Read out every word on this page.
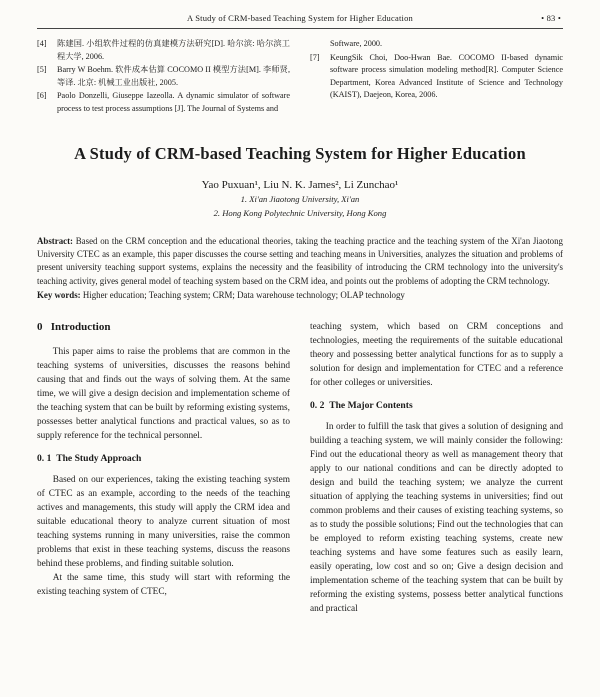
A Study of CRM-based Teaching System for Higher Education	• 83 •
[4]	陈建国. 小组软件过程的仿真建模方法研究[D]. 哈尔滨: 哈尔滨工程大学, 2006.
[5]	Barry W Boehm. 软件成本估算 COCOMO II 模型方法[M]. 李师贤, 等译. 北京: 机械工业出版社, 2005.
[6]	Paolo Donzelli, Giuseppe Iazeolla. A dynamic simulator of software process to test process assumptions [J]. The Journal of Systems and
Software, 2000.
[7]	KeungSik Choi, Doo-Hwan Bae. COCOMO II-based dynamic software process simulation modeling method[R]. Computer Science Department, Korea Advanced Institute of Science and Technology (KAIST), Daejeon, Korea, 2006.
A Study of CRM-based Teaching System for Higher Education
Yao Puxuan¹, Liu N. K. James², Li Zunchao¹
1. Xi'an Jiaotong University, Xi'an
2. Hong Kong Polytechnic University, Hong Kong

Abstract: Based on the CRM conception and the educational theories, taking the teaching practice and the teaching system of the Xi'an Jiaotong University CTEC as an example, this paper discusses the course setting and teaching means in Universities, analyzes the situation and problems of present university teaching support systems, explains the necessity and the feasibility of introducing the CRM technology into the university's teaching activity, gives general model of teaching system based on the CRM idea, and points out the problems of adopting the CRM technology.

Key words: Higher education; Teaching system; CRM; Data warehouse technology; OLAP technology

0   Introduction

This paper aims to raise the problems that are common in the teaching systems of universities, discusses the reasons behind causing that and finds out the ways of solving them. At the same time, we will give a design decision and implementation scheme of the teaching system that can be built by reforming existing systems, possesses better analytical functions and practical values, so as to supply reference for the technical personnel.

0. 1  The Study Approach

Based on our experiences, taking the existing teaching system of CTEC as an example, according to the needs of the teaching actives and managements, this study will apply the CRM idea and suitable educational theory to analyze current situation of most teaching systems running in many universities, raise the common problems that exist in these teaching systems, discuss the reasons behind these problems, and finding suitable solution.

At the same time, this study will start with reforming the existing teaching system of CTEC,

teaching system, which based on CRM conceptions and technologies, meeting the requirements of the suitable educational theory and possessing better analytical functions for as to supply a solution for design and implementation for CTEC and a reference for other colleges or universities.

0. 2  The Major Contents

In order to fulfill the task that gives a solution of designing and building a teaching system, we will mainly consider the following: Find out the educational theory as well as management theory that apply to our national conditions and can be directly adopted to design and build the teaching system; we analyze the current situation of applying the teaching systems in universities; find out common problems and their causes of existing teaching systems, so as to study the possible solutions; Find out the technologies that can be employed to reform existing teaching systems, create new teaching systems and have some features such as easily learn, easily operating, low cost and so on; Give a design decision and implementation scheme of the teaching system that can be built by reforming the existing systems, possess better analytical functions and practical
